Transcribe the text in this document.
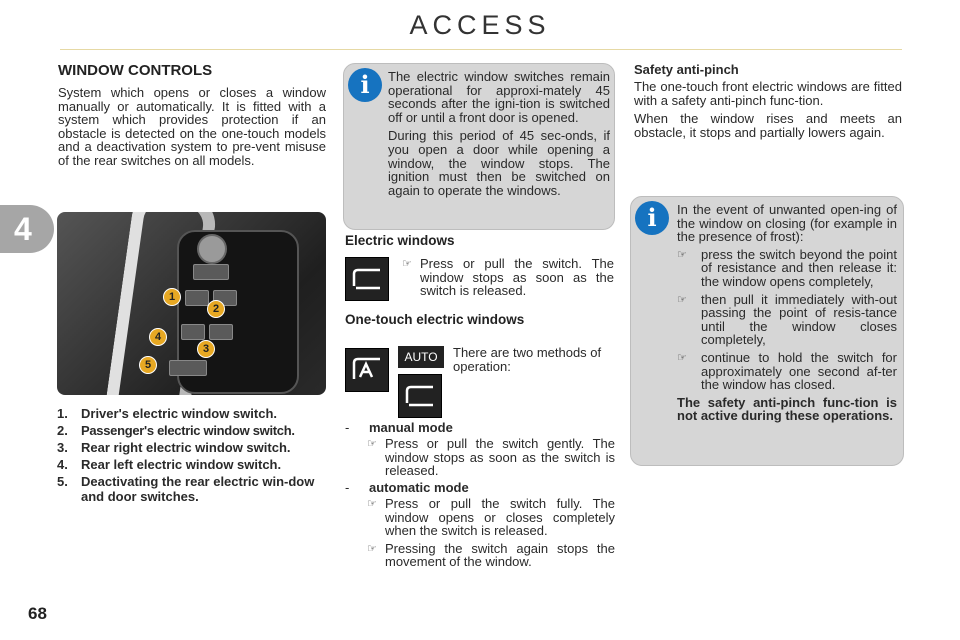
ACCESS
4
68
WINDOW CONTROLS

System which opens or closes a window manually or automatically. It is fitted with a system which provides protection if an obstacle is detected on the one-touch models and a deactivation system to pre-vent misuse of the rear switches on all models.

1
2
3
4
5
1.	Driver's electric window switch.
2.	Passenger's electric window switch.
3.	Rear right electric window switch.
4.	Rear left electric window switch.
5.	Deactivating the rear electric win-dow and door switches.
i	The electric window switches remain operational for approxi-mately 45 seconds after the igni-tion is switched off or until a front door is opened.

During this period of 45 sec-onds, if you open a door while opening a window, the window stops. The ignition must then be switched on again to operate the windows.

Electric windows
☞ Press or pull the switch. The window stops as soon as the switch is released.
One-touch electric windows
AUTO	There are two methods of operation:

- manual mode
☞ Press or pull the switch gently. The window stops as soon as the switch is released.
- automatic mode
☞ Press or pull the switch fully. The window opens or closes completely when the switch is released.
☞ Pressing the switch again stops the movement of the window.
Safety anti-pinch

The one-touch front electric windows are fitted with a safety anti-pinch func-tion.

When the window rises and meets an obstacle, it stops and partially lowers again.

i	In the event of unwanted open-ing of the window on closing (for example in the presence of frost):

☞	press the switch beyond the point of resistance and then release it: the window opens completely,
☞	then pull it immediately with-out passing the point of resis-tance until the window closes completely,
☞	continue to hold the switch for approximately one second af-ter the window has closed.

The safety anti-pinch func-tion is not active during these operations.
